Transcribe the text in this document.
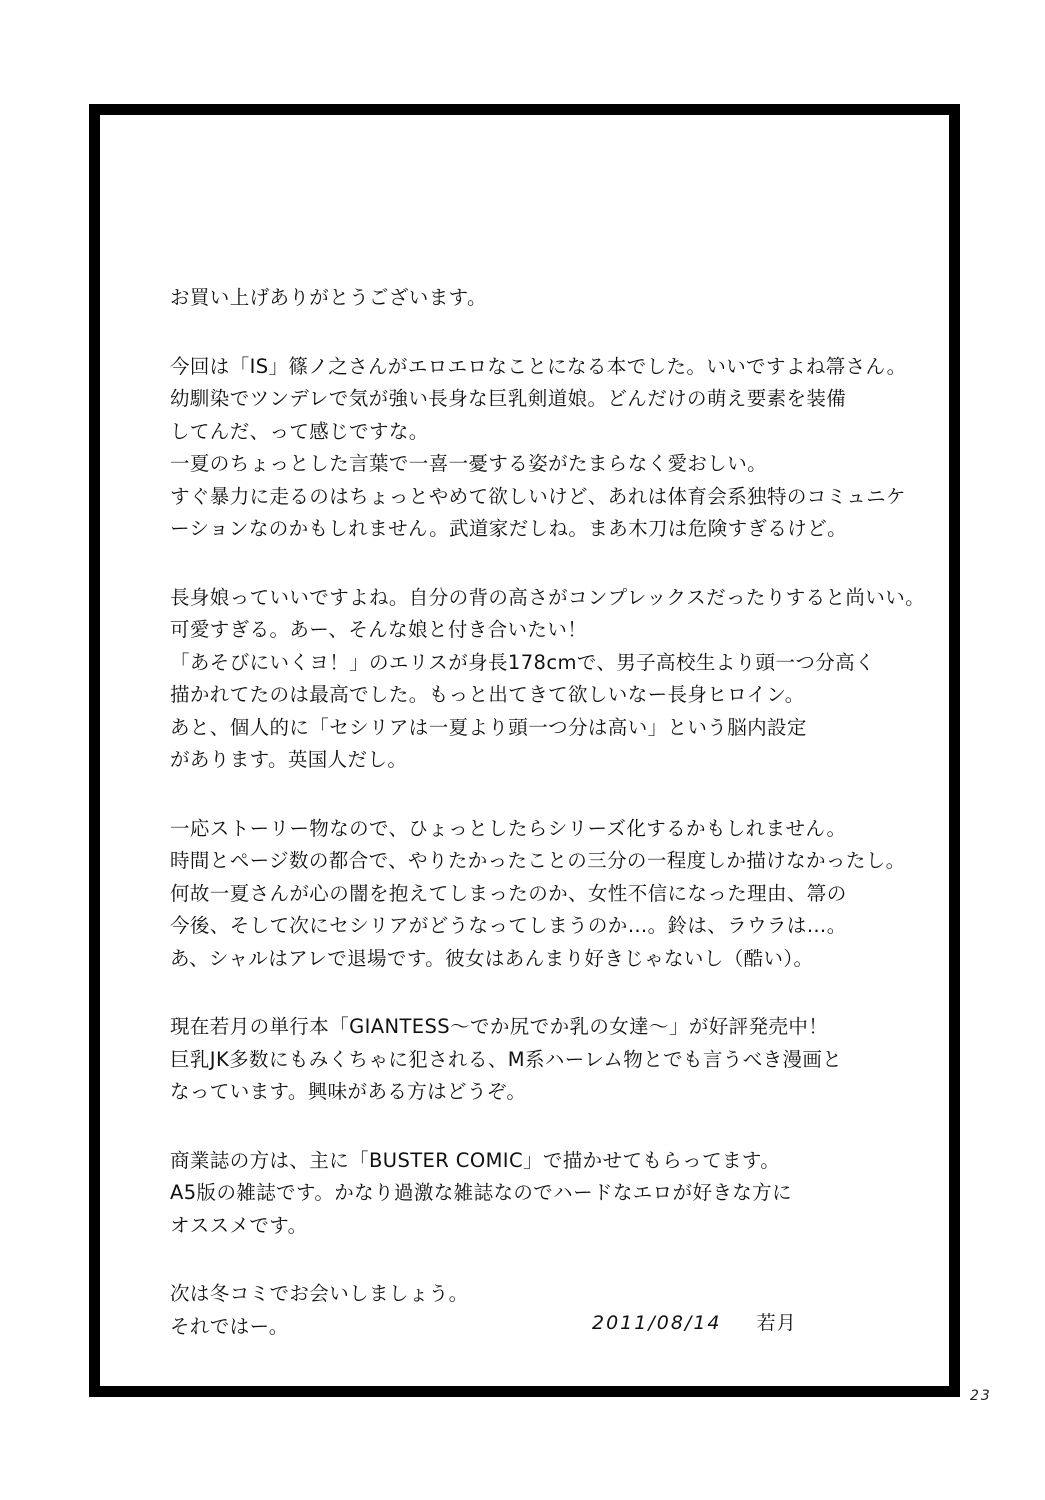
お買い上げありがとうございます。
今回は「IS」篠ノ之さんがエロエロなことになる本でした。いいですよね箒さん。
幼馴染でツンデレで気が強い長身な巨乳剣道娘。どんだけの萌え要素を装備
してんだ、って感じですな。
一夏のちょっとした言葉で一喜一憂する姿がたまらなく愛おしい。
すぐ暴力に走るのはちょっとやめて欲しいけど、あれは体育会系独特のコミュニケ
ーションなのかもしれません。武道家だしね。まあ木刀は危険すぎるけど。
長身娘っていいですよね。自分の背の高さがコンプレックスだったりすると尚いい。
可愛すぎる。あー、そんな娘と付き合いたい！
「あそびにいくヨ！」のエリスが身長178cmで、男子高校生より頭一つ分高く
描かれてたのは最高でした。もっと出てきて欲しいなー長身ヒロイン。
あと、個人的に「セシリアは一夏より頭一つ分は高い」という脳内設定
があります。英国人だし。
一応ストーリー物なので、ひょっとしたらシリーズ化するかもしれません。
時間とページ数の都合で、やりたかったことの三分の一程度しか描けなかったし。
何故一夏さんが心の闇を抱えてしまったのか、女性不信になった理由、箒の
今後、そして次にセシリアがどうなってしまうのか…。鈴は、ラウラは…。
あ、シャルはアレで退場です。彼女はあんまり好きじゃないし（酷い）。
現在若月の単行本「GIANTESS～でか尻でか乳の女達～」が好評発売中！
巨乳JK多数にもみくちゃに犯される、M系ハーレム物とでも言うべき漫画と
なっています。興味がある方はどうぞ。
商業誌の方は、主に「BUSTER COMIC」で描かせてもらってます。
A5版の雑誌です。かなり過激な雑誌なのでハードなエロが好きな方に
オススメです。
次は冬コミでお会いしましょう。
それではー。	2011/08/14 若月
23
